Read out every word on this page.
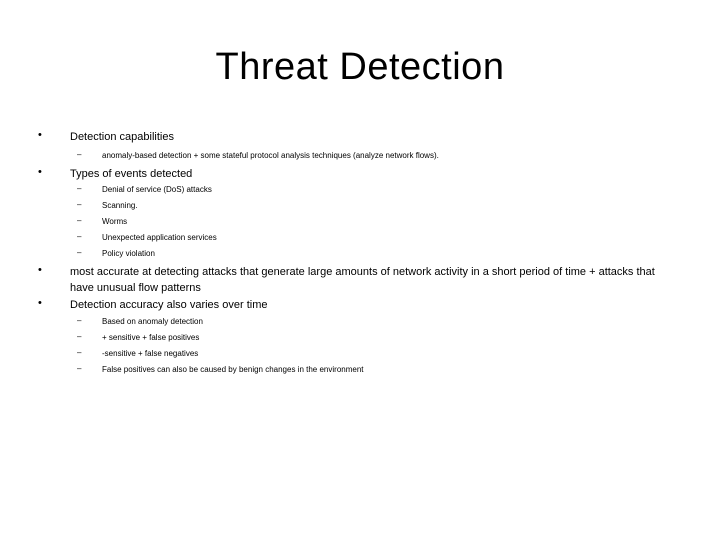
Threat Detection
•	Detection capabilities
–	anomaly-based detection + some stateful protocol analysis techniques (analyze network flows).
•	Types of events detected
–	Denial of service (DoS) attacks
–	Scanning.
–	Worms
–	Unexpected application services
–	Policy violation
•	most accurate at detecting attacks that generate large amounts of network activity in a short period of time + attacks that have unusual flow patterns
•	Detection accuracy also varies over time
–	Based on anomaly detection
–	+ sensitive + false positives
–	-sensitive + false negatives
–	False positives can also be caused by benign changes in the environment
